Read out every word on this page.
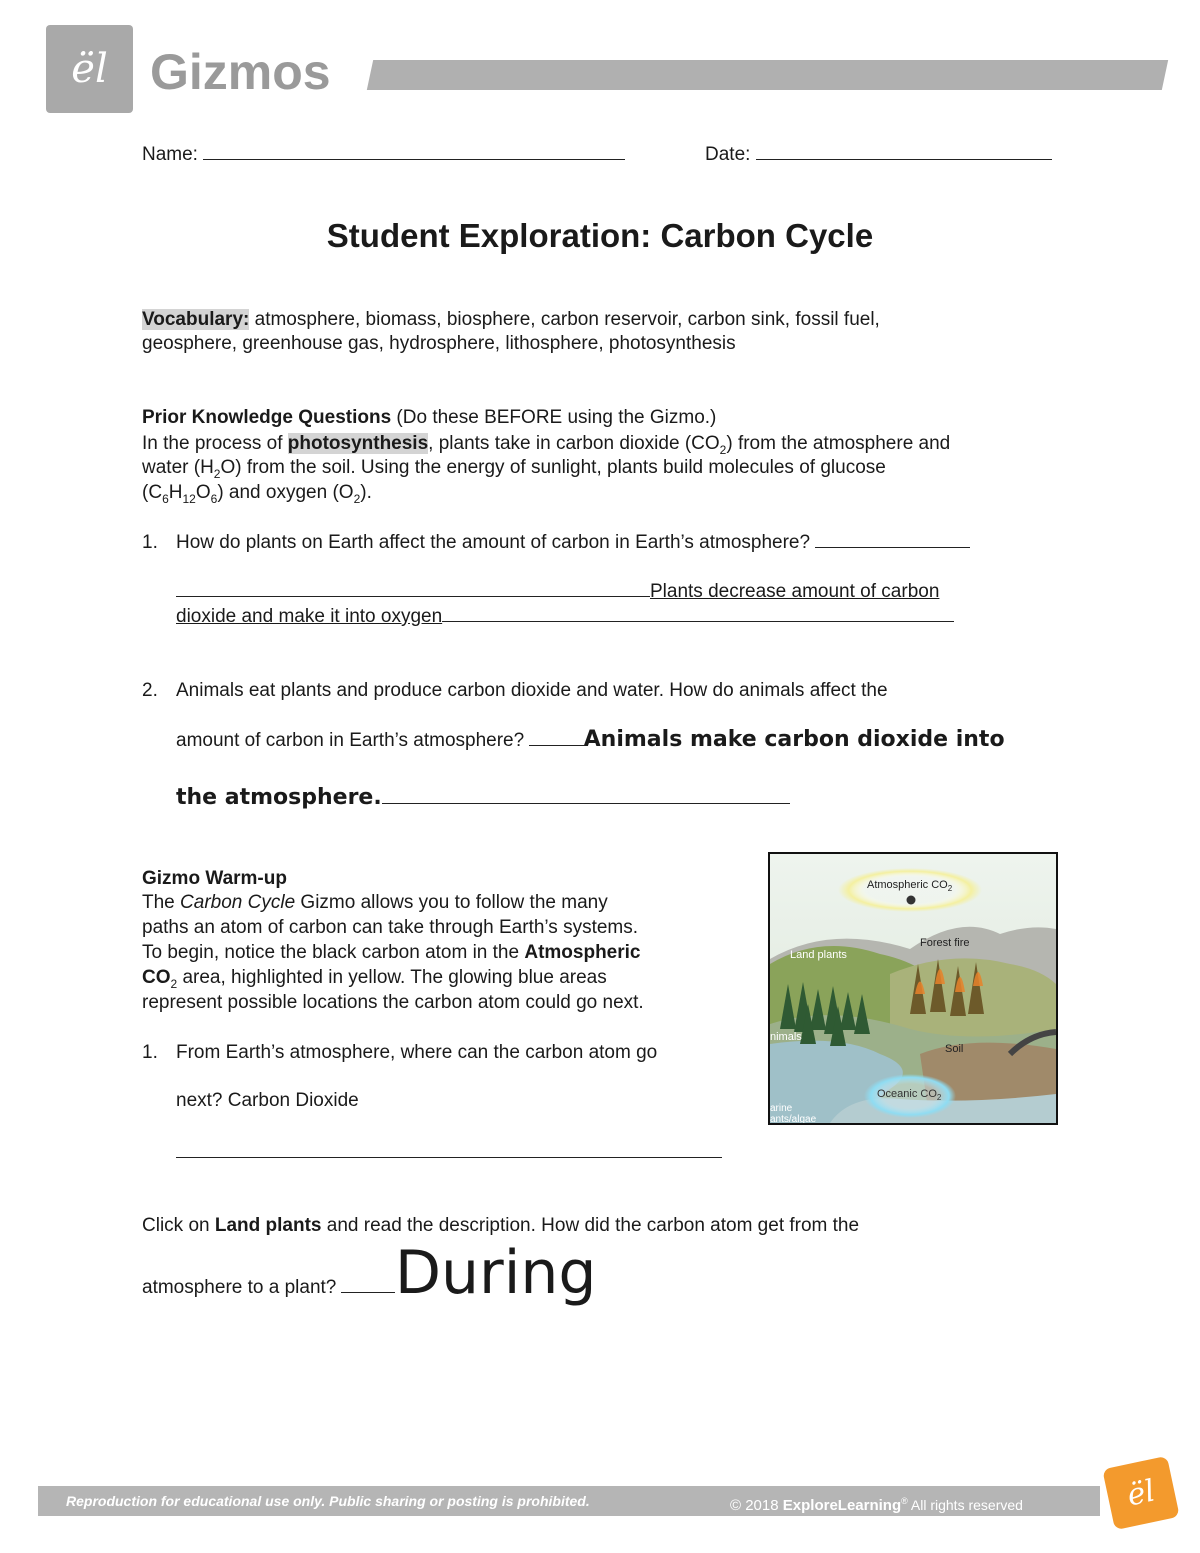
ël Gizmos
Name:	Date:
Student Exploration: Carbon Cycle
Vocabulary: atmosphere, biomass, biosphere, carbon reservoir, carbon sink, fossil fuel,
geosphere, greenhouse gas, hydrosphere, lithosphere, photosynthesis
Prior Knowledge Questions (Do these BEFORE using the Gizmo.)
In the process of photosynthesis, plants take in carbon dioxide $(CO_2)$ from the atmosphere and
water $(H_2O)$ from the soil. Using the energy of sunlight, plants build molecules of glucose
$(C_6H_{12}O_6)$ and oxygen $(O_2)$.
1. How do plants on Earth affect the amount of carbon in Earth’s atmosphere?
Plants decrease amount of carbon
dioxide and make it into oxygen
2. Animals eat plants and produce carbon dioxide and water. How do animals affect the
amount of carbon in Earth’s atmosphere?	Animals make carbon dioxide into
the atmosphere.
Gizmo Warm-up
The Carbon Cycle Gizmo allows you to follow the many
paths an atom of carbon can take through Earth’s systems.
To begin, notice the black carbon atom in the Atmospheric
$CO_2$ area, highlighted in yellow. The glowing blue areas
represent possible locations the carbon atom could go next.
1. From Earth’s atmosphere, where can the carbon atom go
next? Carbon Dioxide
Atmospheric $CO_2$
Land plants
Forest fire
nimals
Soil
Oceanic $CO_2$
arine
ants/algae
Click on Land plants and read the description. How did the carbon atom get from the
atmosphere to a plant? During
Reproduction for educational use only. Public sharing or posting is prohibited.	© 2018 ExploreLearning® All rights reserved	ël
